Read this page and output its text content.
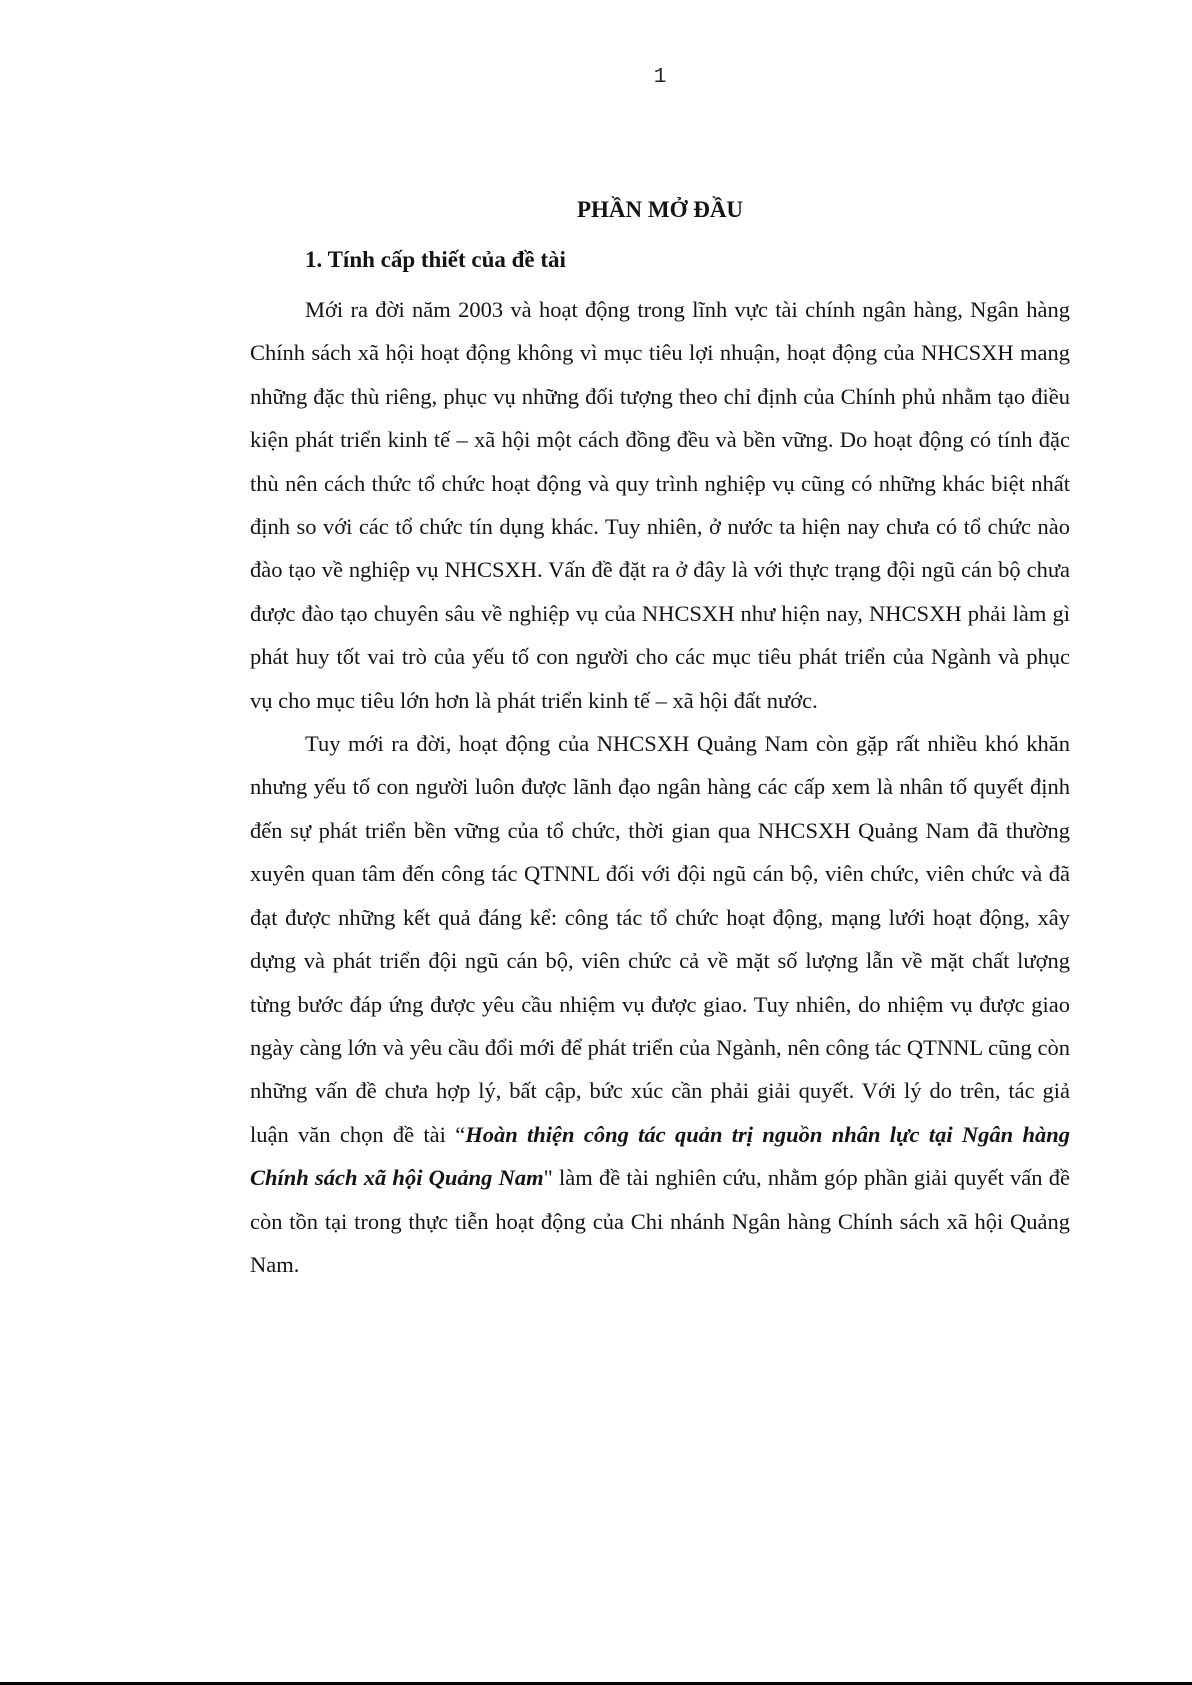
1
PHẦN MỞ ĐẦU
1. Tính cấp thiết của đề tài

Mới ra đời năm 2003 và hoạt động trong lĩnh vực tài chính ngân hàng, Ngân hàng Chính sách xã hội hoạt động không vì mục tiêu lợi nhuận, hoạt động của NHCSXH mang những đặc thù riêng, phục vụ những đối tượng theo chỉ định của Chính phủ nhằm tạo điều kiện phát triển kinh tế – xã hội một cách đồng đều và bền vững. Do hoạt động có tính đặc thù nên cách thức tổ chức hoạt động và quy trình nghiệp vụ cũng có những khác biệt nhất định so với các tổ chức tín dụng khác. Tuy nhiên, ở nước ta hiện nay chưa có tổ chức nào đào tạo về nghiệp vụ NHCSXH. Vấn đề đặt ra ở đây là với thực trạng đội ngũ cán bộ chưa được đào tạo chuyên sâu về nghiệp vụ của NHCSXH như hiện nay, NHCSXH phải làm gì phát huy tốt vai trò của yếu tố con người cho các mục tiêu phát triển của Ngành và phục vụ cho mục tiêu lớn hơn là phát triển kinh tế – xã hội đất nước.

Tuy mới ra đời, hoạt động của NHCSXH Quảng Nam còn gặp rất nhiều khó khăn nhưng yếu tố con người luôn được lãnh đạo ngân hàng các cấp xem là nhân tố quyết định đến sự phát triển bền vững của tổ chức, thời gian qua NHCSXH Quảng Nam đã thường xuyên quan tâm đến công tác QTNNL đối với đội ngũ cán bộ, viên chức, viên chức và đã đạt được những kết quả đáng kể: công tác tổ chức hoạt động, mạng lưới hoạt động, xây dựng và phát triển đội ngũ cán bộ, viên chức cả về mặt số lượng lẫn về mặt chất lượng từng bước đáp ứng được yêu cầu nhiệm vụ được giao. Tuy nhiên, do nhiệm vụ được giao ngày càng lớn và yêu cầu đổi mới để phát triển của Ngành, nên công tác QTNNL cũng còn những vấn đề chưa hợp lý, bất cập, bức xúc cần phải giải quyết. Với lý do trên, tác giả luận văn chọn đề tài “Hoàn thiện công tác quản trị nguồn nhân lực tại Ngân hàng Chính sách xã hội Quảng Nam" làm đề tài nghiên cứu, nhằm góp phần giải quyết vấn đề còn tồn tại trong thực tiễn hoạt động của Chi nhánh Ngân hàng Chính sách xã hội Quảng Nam.
